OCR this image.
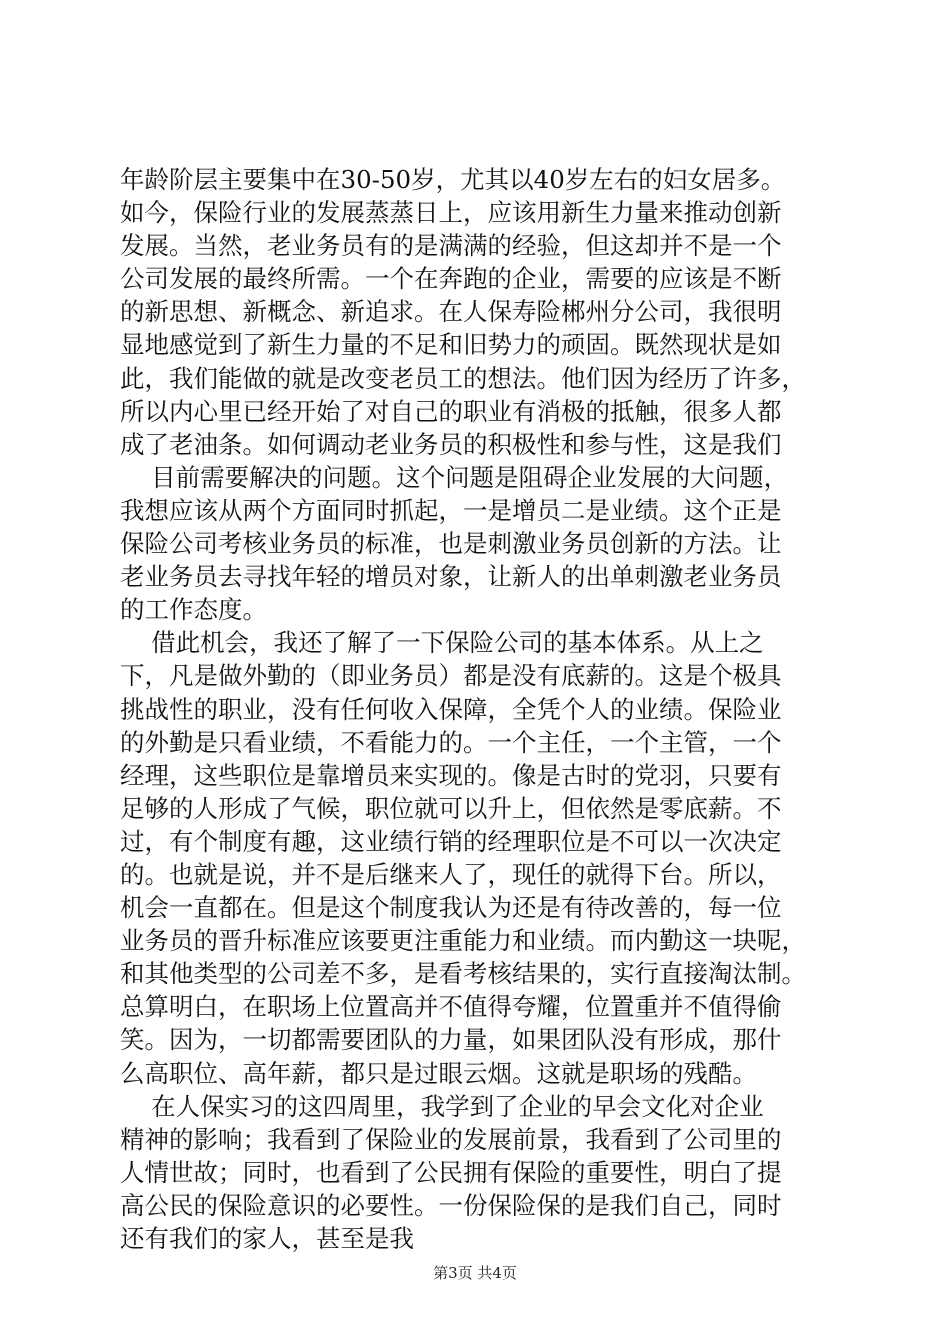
年龄阶层主要集中在30-50岁，尤其以40岁左右的妇女居多。
如今，保险行业的发展蒸蒸日上，应该用新生力量来推动创新
发展。当然，老业务员有的是满满的经验，但这却并不是一个
公司发展的最终所需。一个在奔跑的企业，需要的应该是不断
的新思想、新概念、新追求。在人保寿险郴州分公司，我很明
显地感觉到了新生力量的不足和旧势力的顽固。既然现状是如
此，我们能做的就是改变老员工的想法。他们因为经历了许多，
所以内心里已经开始了对自己的职业有消极的抵触，很多人都
成了老油条。如何调动老业务员的积极性和参与性，这是我们
目前需要解决的问题。这个问题是阻碍企业发展的大问题，
我想应该从两个方面同时抓起，一是增员二是业绩。这个正是
保险公司考核业务员的标准，也是刺激业务员创新的方法。让
老业务员去寻找年轻的增员对象，让新人的出单刺激老业务员
的工作态度。
借此机会，我还了解了一下保险公司的基本体系。从上之
下，凡是做外勤的（即业务员）都是没有底薪的。这是个极具
挑战性的职业，没有任何收入保障，全凭个人的业绩。保险业
的外勤是只看业绩，不看能力的。一个主任，一个主管，一个
经理，这些职位是靠增员来实现的。像是古时的党羽，只要有
足够的人形成了气候，职位就可以升上，但依然是零底薪。不
过，有个制度有趣，这业绩行销的经理职位是不可以一次决定
的。也就是说，并不是后继来人了，现任的就得下台。所以，
机会一直都在。但是这个制度我认为还是有待改善的，每一位
业务员的晋升标准应该要更注重能力和业绩。而内勤这一块呢，
和其他类型的公司差不多，是看考核结果的，实行直接淘汰制。
总算明白，在职场上位置高并不值得夸耀，位置重并不值得偷
笑。因为，一切都需要团队的力量，如果团队没有形成，那什
么高职位、高年薪，都只是过眼云烟。这就是职场的残酷。
在人保实习的这四周里，我学到了企业的早会文化对企业
精神的影响；我看到了保险业的发展前景，我看到了公司里的
人情世故；同时，也看到了公民拥有保险的重要性，明白了提
高公民的保险意识的必要性。一份保险保的是我们自己，同时
还有我们的家人，甚至是我
第3页 共4页
